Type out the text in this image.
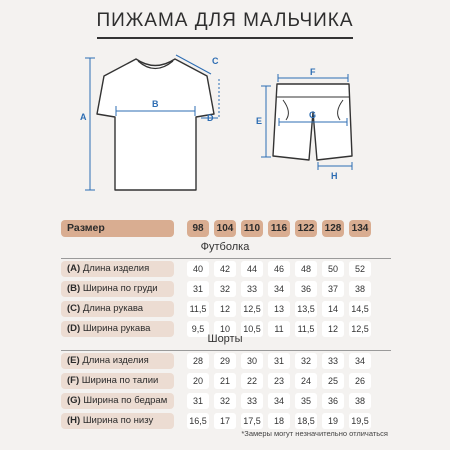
ПИЖАМА ДЛЯ МАЛЬЧИКА
A
B
C
D	E
F
G
H
Размер	98	104 110 116 122 128 134
Футболка
(A) Длина изделия	40	42	44	46	48	50	52
(B) Ширина по груди	31	32	33	34	36	37	38
(C) Длина рукава	11,5	12	12,5	13	13,5	14	14,5
(D) Ширина рукава	9,5	10	10,5	11	11,5	12	12,5
Шорты
(E) Длина изделия	28	29	30	31	32	33	34
(F) Ширина по талии	20	21	22	23	24	25	26
(G) Ширина по бедрам	31	32	33	34	35	36	38
(H) Ширина по низу	16,5	17	17,5	18	18,5	19	19,5
*Замеры могут незначительно отличаться
